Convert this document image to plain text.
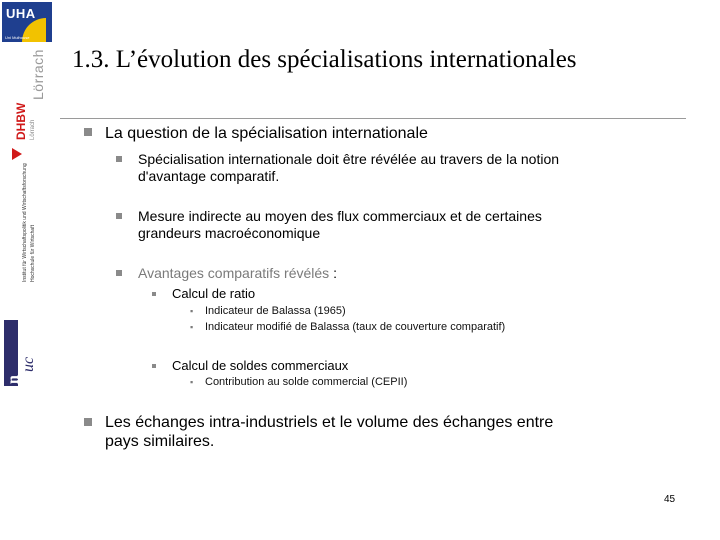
UHA
Uni Mulhouse
Lörrach
DHBW Lörrach
Institut für Wirtschaftspolitik und Wirtschaftsforschung Hochschule für Wirtschaft
n
uc
1.3. L’évolution des spécialisations internationales
La question de la spécialisation internationale
Spécialisation internationale doit être révélée au travers de la notion
d'avantage comparatif.
Mesure indirecte au moyen des flux commerciaux et de certaines
grandeurs macroéconomique
Avantages comparatifs révélés :
Calcul de ratio
▪ Indicateur de Balassa (1965)
▪ Indicateur modifié de Balassa (taux de couverture comparatif)
Calcul de soldes commerciaux
▪ Contribution au solde commercial (CEPII)
Les échanges intra-industriels et le volume des échanges entre
pays similaires.
45
